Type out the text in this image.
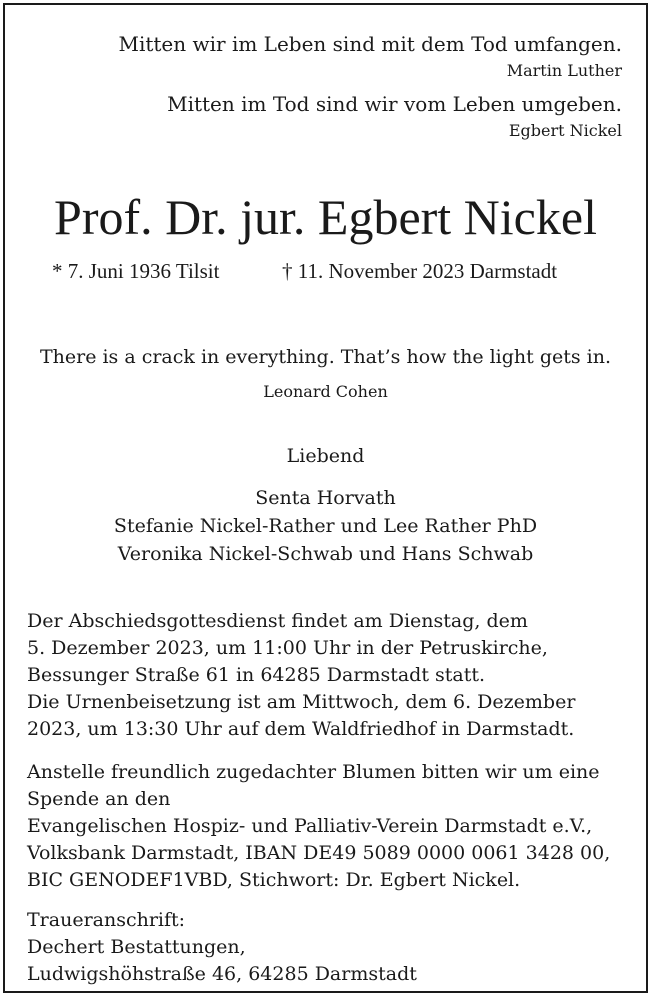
Mitten wir im Leben sind mit dem Tod umfangen.

Martin Luther

Mitten im Tod sind wir vom Leben umgeben.

Egbert Nickel

Prof. Dr. jur. Egbert Nickel

* 7. Juni 1936 Tilsit	† 11. November 2023 Darmstadt

There is a crack in everything. That’s how the light gets in.

Leonard Cohen

Liebend

Senta Horvath

Stefanie Nickel-Rather und Lee Rather PhD

Veronika Nickel-Schwab und Hans Schwab

Der Abschiedsgottesdienst findet am Dienstag, dem

5. Dezember 2023, um 11:00 Uhr in der Petruskirche,

Bessunger Straße 61 in 64285 Darmstadt statt.

Die Urnenbeisetzung ist am Mittwoch, dem 6. Dezember

2023, um 13:30 Uhr auf dem Waldfriedhof in Darmstadt.

Anstelle freundlich zugedachter Blumen bitten wir um eine

Spende an den

Evangelischen Hospiz- und Palliativ-Verein Darmstadt e.V.,

Volksbank Darmstadt, IBAN DE49 5089 0000 0061 3428 00,

BIC GENODEF1VBD, Stichwort: Dr. Egbert Nickel.

Traueranschrift:

Dechert Bestattungen,

Ludwigshöhstraße 46, 64285 Darmstadt
